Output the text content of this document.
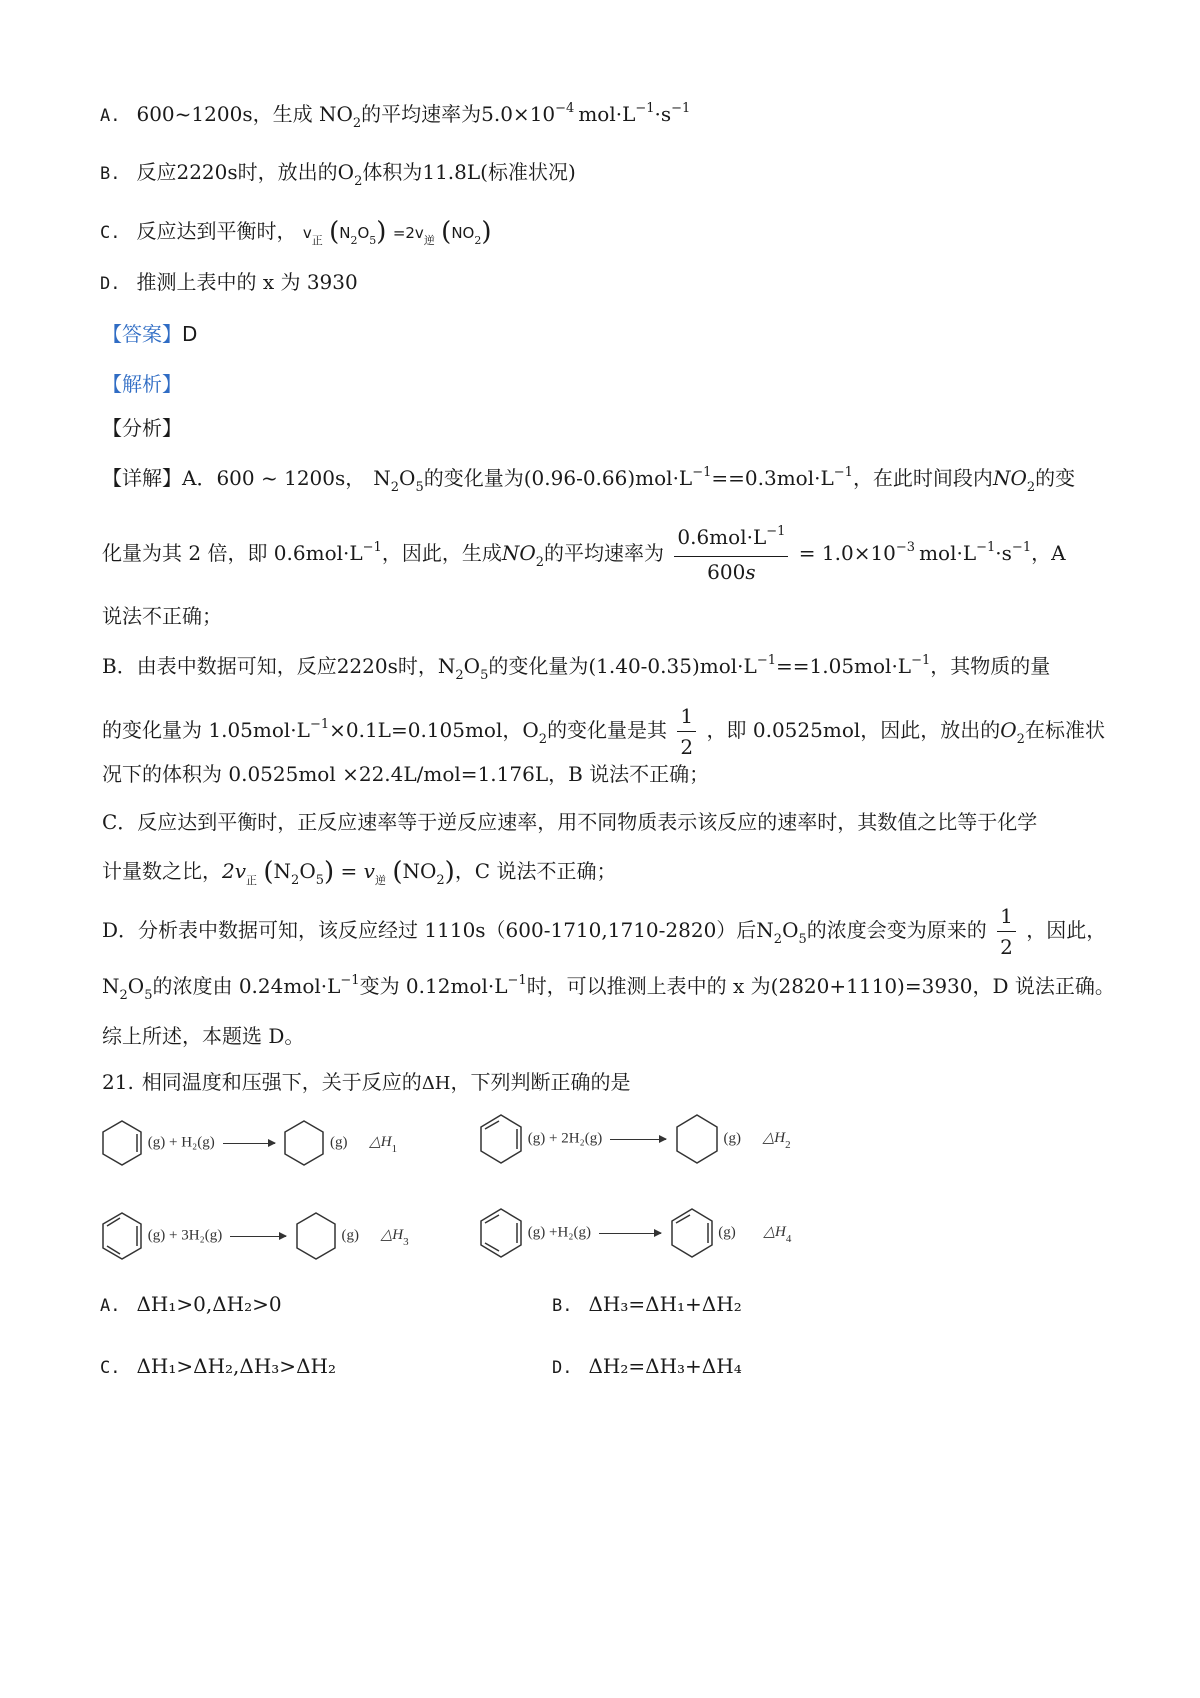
A. 600~1200s，生成 $NO_2$的平均速率为$5.0\times 10^{-4}$ $mol\cdot L^{-1}\cdot s^{-1}$
B. 反应2220s时，放出的$O_2$体积为11.8L(标准状况)
C. 反应达到平衡时， $v_正$ $(N_2O_5) =2v_逆$ $(NO_2)$
D. 推测上表中的 x 为 3930
【答案】D
【解析】
【分析】
【详解】A．600 ~ 1200s， $N_2O_5$的变化量为$(0.96-0.66)mol\cdot L^{-1}==0.3mol\cdot L^{-1}$，在此时间段内$NO_2$的变
化量为其 2 倍，即 $0.6mol\cdot L^{-1}$，因此，生成$NO_2$的平均速率为 $\frac{0.6mol\cdot L^{-1}}{600s} = 1.0\times 10^{-3}$ $mol\cdot L^{-1}\cdot s^{-1}$，A
说法不正确；
B．由表中数据可知，反应2220s时，$N_2O_5$的变化量为$(1.40-0.35)mol\cdot L^{-1}==1.05mol\cdot L^{-1}$，其物质的量
的变化量为 $1.05mol\cdot L^{-1}\times 0.1L=0.105mol$，$O_2$的变化量是其 $\frac{1}{2}$ ，即 0.0525mol，因此，放出的$O_2$在标准状
况下的体积为 0.0525mol ×22.4L/mol=1.176L，B 说法不正确；
C．反应达到平衡时，正反应速率等于逆反应速率，用不同物质表示该反应的速率时，其数值之比等于化学
计量数之比，$2v_正$ $(N_2O_5) = v_逆$ $(NO_2)$，C 说法不正确；
D．分析表中数据可知，该反应经过 1110s（600-1710,1710-2820）后$N_2O_5$的浓度会变为原来的 $\frac{1}{2}$ ，因此，
$N_2O_5$的浓度由 $0.24mol\cdot L^{-1}$变为 $0.12mol\cdot L^{-1}$时，可以推测上表中的 x 为(2820+1110)=3930，D 说法正确。
综上所述，本题选 D。
21. 相同温度和压强下，关于反应的ΔH，下列判断正确的是
(g) + H₂(g) →	(g) $\triangle H_1$
(g) + 2H₂(g) →	(g) $\triangle H_2$
(g) + 3H₂(g) →	(g) $\triangle H_3$
(g) +H₂(g)	(g) $\triangle H_4$
A. ΔH₁>0,ΔH₂>0	B. ΔH₃=ΔH₁+ΔH₂
C. ΔH₁>ΔH₂,ΔH₃>ΔH₂	D. ΔH₂=ΔH₃+ΔH₄
